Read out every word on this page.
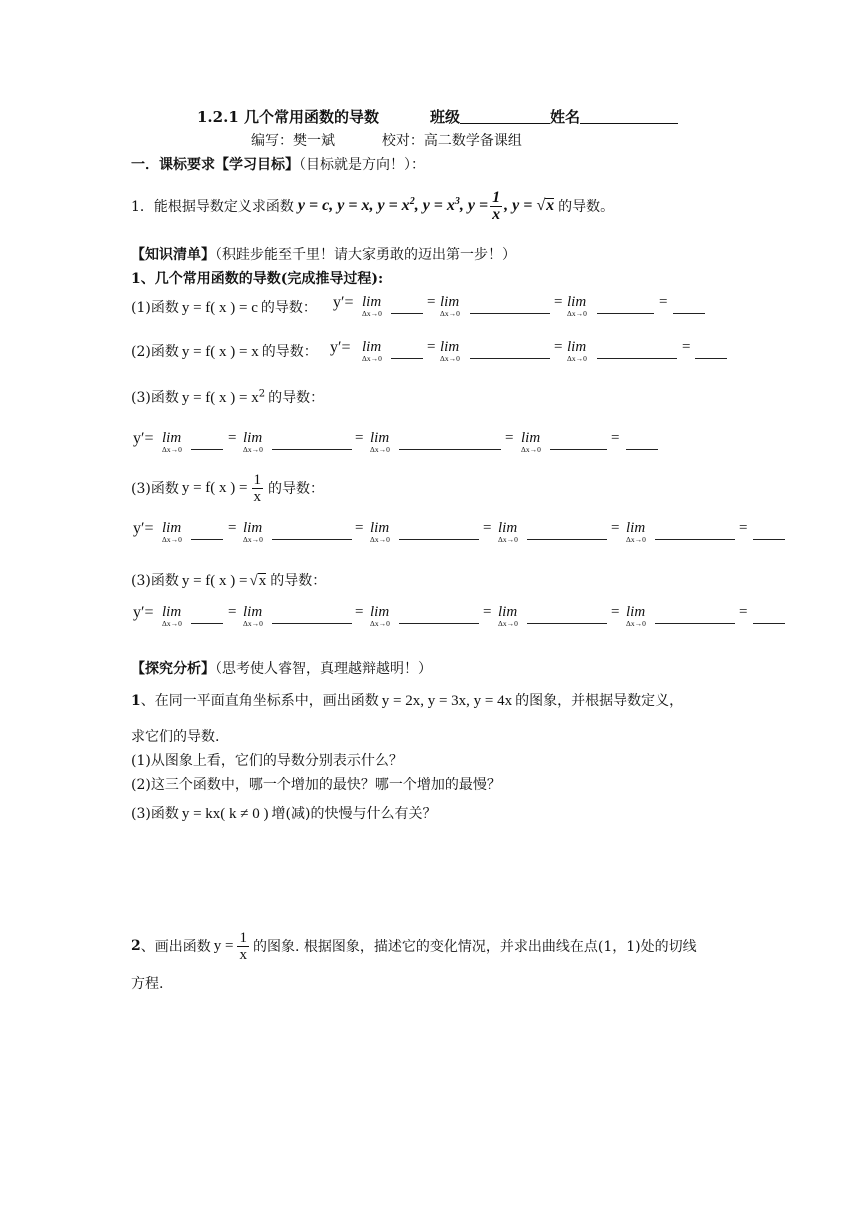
1.2.1 几个常用函数的导数	班级	姓名
编写：樊一斌	校对：高二数学备课组
一．课标要求【学习目标】（目标就是方向！）：
1．能根据导数定义求函数 y = c, y = x, $y = x^2$, $y = x^3$, $y = \frac{1}{x}$ , y = √x 的导数。
【知识清单】（积跬步能至千里！请大家勇敢的迈出第一步！）
1、几个常用函数的导数(完成推导过程):
(1)函数 y = f( x ) = c 的导数：
(2)函数 y = f( x ) = x 的导数：
(3)函数 y = f( x ) = $x^2$ 的导数：
(3)函数 y = f( x ) = $\frac{1}{x}$ 的导数：
(3)函数 y = f( x ) = √x 的导数：
【探究分析】（思考使人睿智，真理越辩越明！）
1、在同一平面直角坐标系中，画出函数 y = 2x, y = 3x, y = 4x 的图象，并根据导数定义，
求它们的导数.
(1)从图象上看，它们的导数分别表示什么？
(2)这三个函数中，哪一个增加的最快？哪一个增加的最慢？
(3)函数 y = kx( k ≠ 0 ) 增(减)的快慢与什么有关？
2 、画出函数 $y = \frac{1}{x}$ 的图象. 根据图象，描述它的变化情况，并求出曲线在点(1，1)处的切线
方程.
y′= lim
Δx→0
lim
Δx→0
lim
Δx→0
=	=	=
y′= lim
Δx→0
lim
Δx→0
lim
Δx→0
=	=	=
y′= lim
Δx→0
lim
Δx→0
lim
Δx→0
lim
Δx→0
=	=	=	=
y′= lim
Δx→0
lim
Δx→0
lim
Δx→0
lim
Δx→0
lim
Δx→0
=	=	=	=	=
y′= lim
Δx→0
lim
Δx→0
lim
Δx→0
lim
Δx→0
lim
Δx→0
=	=	=	=	=
